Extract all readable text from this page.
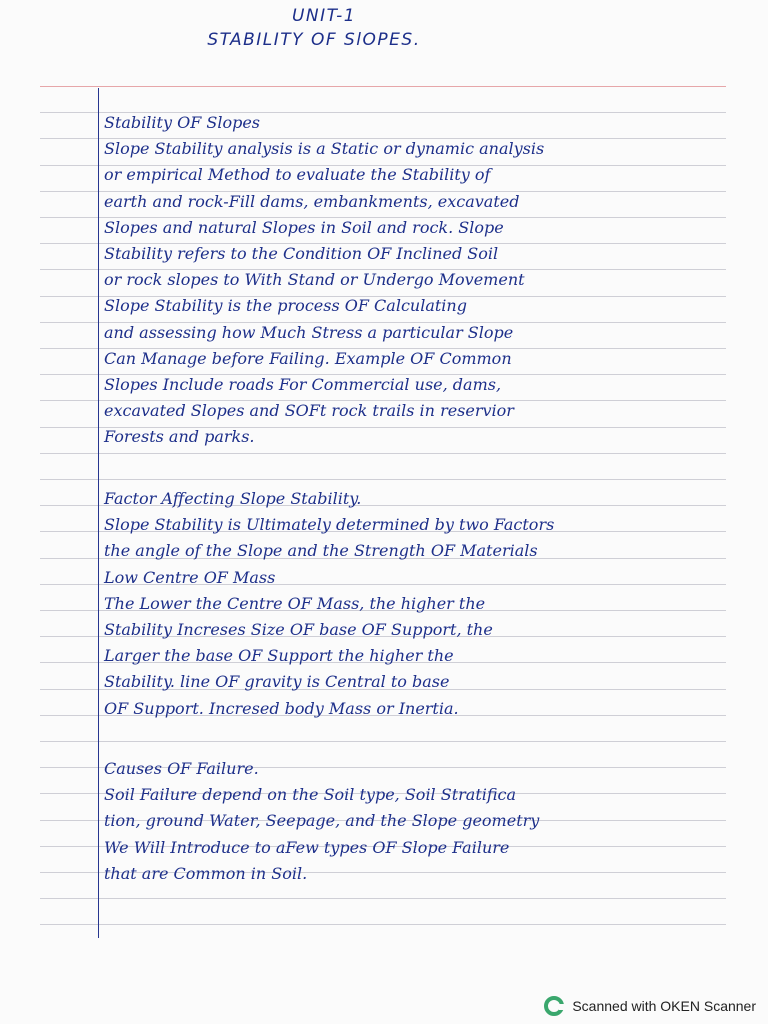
UNIT-1
STABILITY OF SlOPES.
Stability OF Slopes
Slope Stability analysis is a Static or dynamic analysis
or empirical Method to evaluate the Stability of
earth and rock-Fill dams, embankments, excavated
Slopes and natural Slopes in Soil and rock. Slope
Stability refers to the Condition OF Inclined Soil
or rock slopes to With Stand or Undergo Movement
Slope Stability is the process OF Calculating
and assessing how Much Stress a particular Slope
Can Manage before Failing. Example OF Common
Slopes Include roads For Commercial use, dams,
excavated Slopes and SOFt rock trails in reservior
Forests and parks.
Factor Affecting Slope Stability.
Slope Stability is Ultimately determined by two Factors
the angle of the Slope and the Strength OF Materials
Low Centre OF Mass
The Lower the Centre OF Mass, the higher the
Stability Increses Size OF base OF Support, the
Larger the base OF Support the higher the
Stability. line OF gravity is Central to base
OF Support. Incresed body Mass or Inertia.
Causes OF Failure.
Soil Failure depend on the Soil type, Soil Stratifica
tion, ground Water, Seepage, and the Slope geometry
We Will Introduce to aFew types OF Slope Failure
that are Common in Soil.
Scanned with OKEN Scanner
